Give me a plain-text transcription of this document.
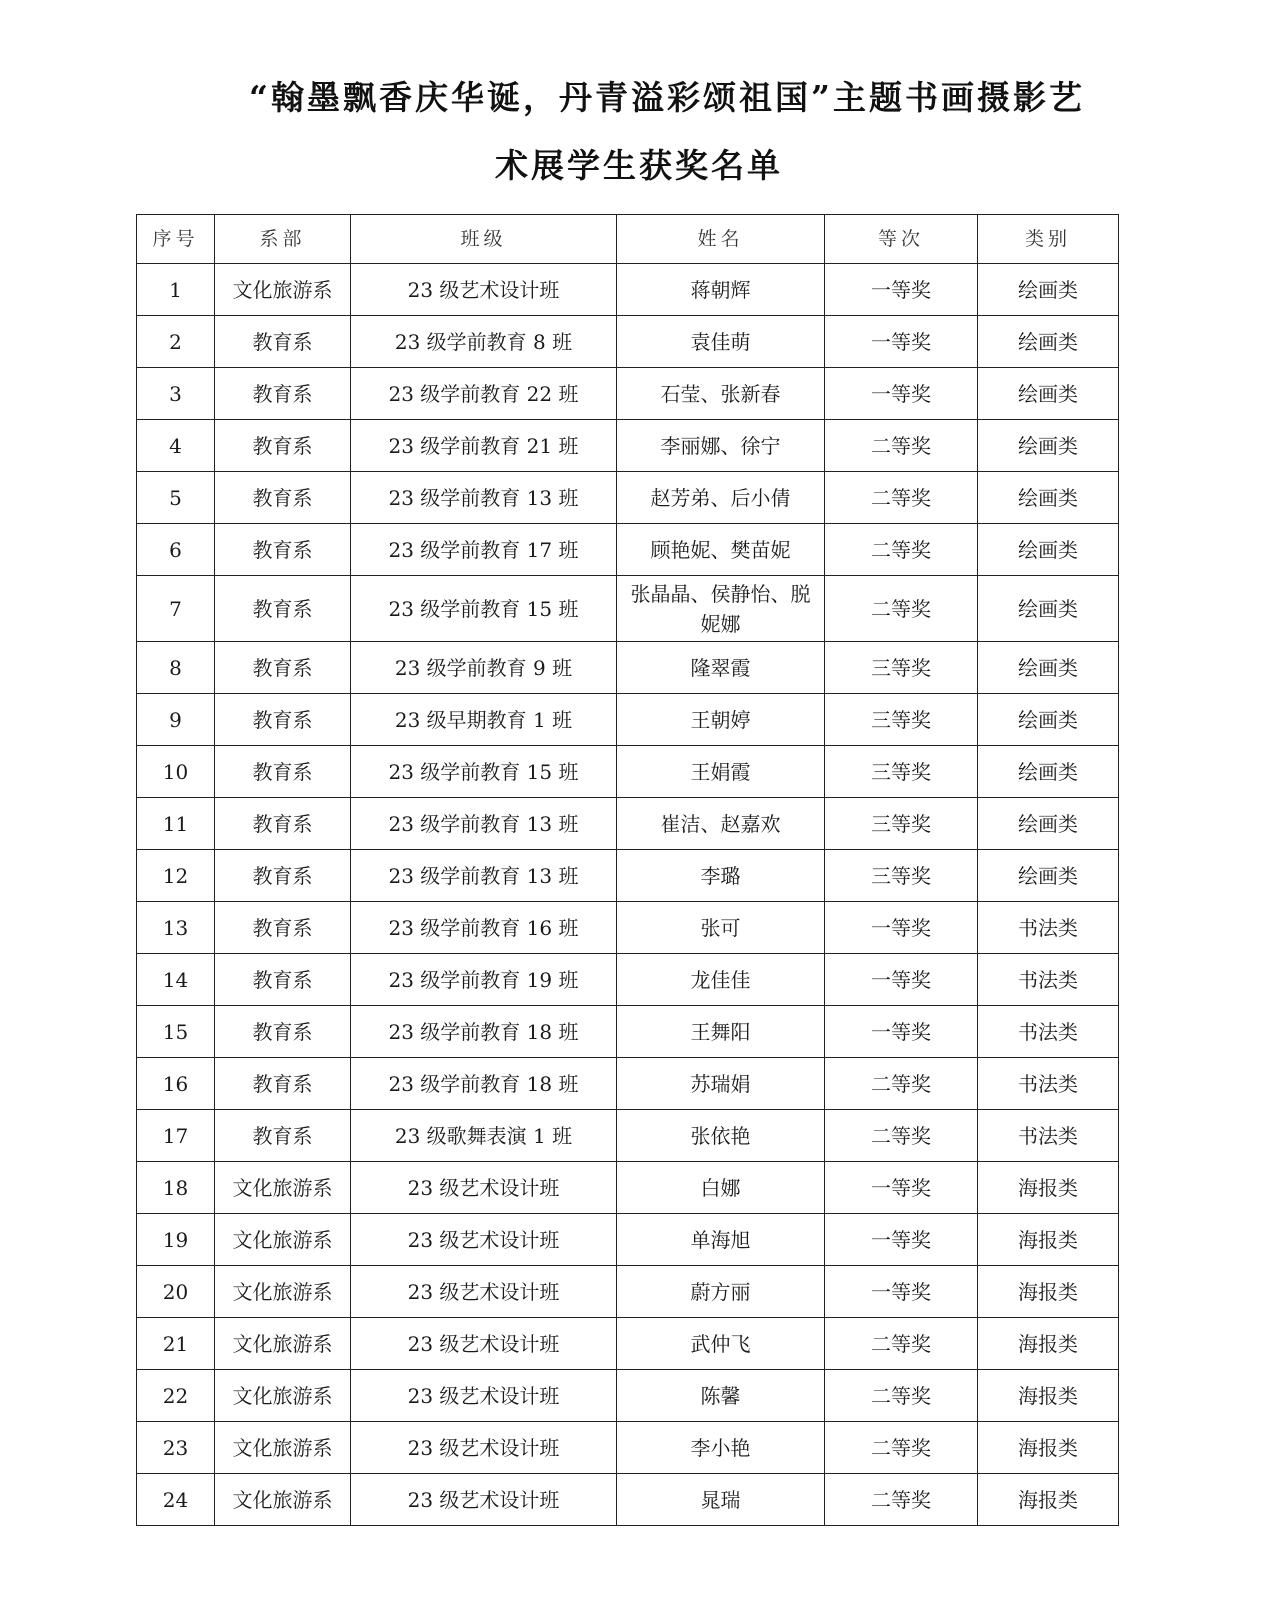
“翰墨飘香庆华诞，丹青溢彩颂祖国”主题书画摄影艺
术展学生获奖名单
序号	系部	班级	姓名	等次	类别
1	文化旅游系	23 级艺术设计班	蒋朝辉	一等奖	绘画类
2	教育系	23 级学前教育 8 班	袁佳萌	一等奖	绘画类
3	教育系	23 级学前教育 22 班	石莹、张新春	一等奖	绘画类
4	教育系	23 级学前教育 21 班	李丽娜、徐宁	二等奖	绘画类
5	教育系	23 级学前教育 13 班	赵芳弟、后小倩	二等奖	绘画类
6	教育系	23 级学前教育 17 班	顾艳妮、樊苗妮	二等奖	绘画类
7	教育系	23 级学前教育 15 班	张晶晶、侯静怡、脱妮娜	二等奖	绘画类
8	教育系	23 级学前教育 9 班	隆翠霞	三等奖	绘画类
9	教育系	23 级早期教育 1 班	王朝婷	三等奖	绘画类
10	教育系	23 级学前教育 15 班	王娟霞	三等奖	绘画类
11	教育系	23 级学前教育 13 班	崔洁、赵嘉欢	三等奖	绘画类
12	教育系	23 级学前教育 13 班	李璐	三等奖	绘画类
13	教育系	23 级学前教育 16 班	张可	一等奖	书法类
14	教育系	23 级学前教育 19 班	龙佳佳	一等奖	书法类
15	教育系	23 级学前教育 18 班	王舞阳	一等奖	书法类
16	教育系	23 级学前教育 18 班	苏瑞娟	二等奖	书法类
17	教育系	23 级歌舞表演 1 班	张依艳	二等奖	书法类
18	文化旅游系	23 级艺术设计班	白娜	一等奖	海报类
19	文化旅游系	23 级艺术设计班	单海旭	一等奖	海报类
20	文化旅游系	23 级艺术设计班	蔚方丽	一等奖	海报类
21	文化旅游系	23 级艺术设计班	武仲飞	二等奖	海报类
22	文化旅游系	23 级艺术设计班	陈馨	二等奖	海报类
23	文化旅游系	23 级艺术设计班	李小艳	二等奖	海报类
24	文化旅游系	23 级艺术设计班	晁瑞	二等奖	海报类
